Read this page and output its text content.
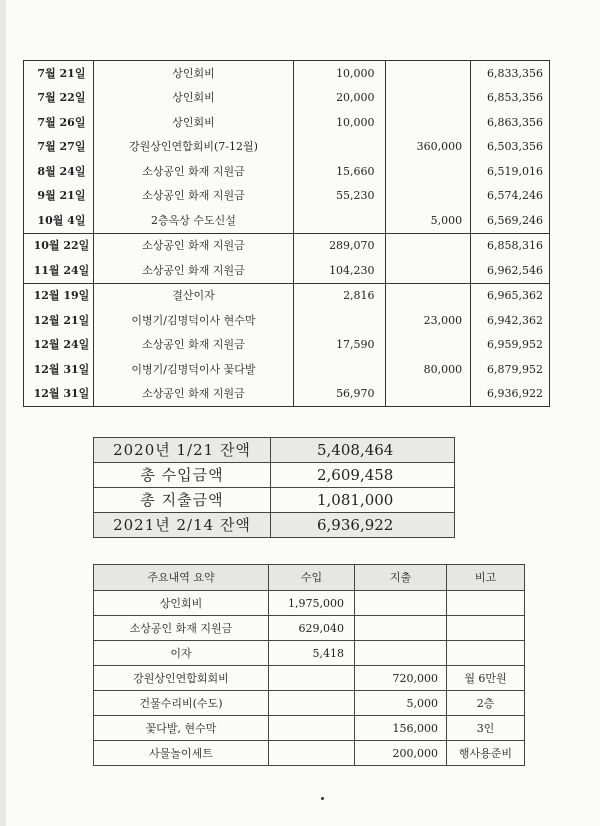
7월 21일	상인회비	10,000		6,833,356
7월 22일	상인회비	20,000		6,853,356
7월 26일	상인회비	10,000		6,863,356
7월 27일	강원상인연합회비(7-12월)		360,000	6,503,356
8월 24일	소상공인 화재 지원금	15,660		6,519,016
9월 21일	소상공인 화재 지원금	55,230		6,574,246
10월 4일	2층옥상 수도신설		5,000	6,569,246
10월 22일	소상공인 화재 지원금	289,070		6,858,316
11월 24일	소상공인 화재 지원금	104,230		6,962,546
12월 19일	결산이자	2,816		6,965,362
12월 21일	이병기/김명덕이사 현수막		23,000	6,942,362
12월 24일	소상공인 화재 지원금	17,590		6,959,952
12월 31일	이병기/김명덕이사 꽃다발		80,000	6,879,952
12월 31일	소상공인 화재 지원금	56,970		6,936,922
2020년 1/21 잔액	5,408,464
총 수입금액	2,609,458
총 지출금액	1,081,000
2021년 2/14 잔액	6,936,922
주요내역 요약	수입	지출	비고
상인회비	1,975,000		
소상공인 화재 지원금	629,040		
이자	5,418		
강원상인연합회회비		720,000	월 6만원
건물수리비(수도)		5,000	2층
꽃다발, 현수막		156,000	3인
사물놀이세트		200,000	행사용준비
